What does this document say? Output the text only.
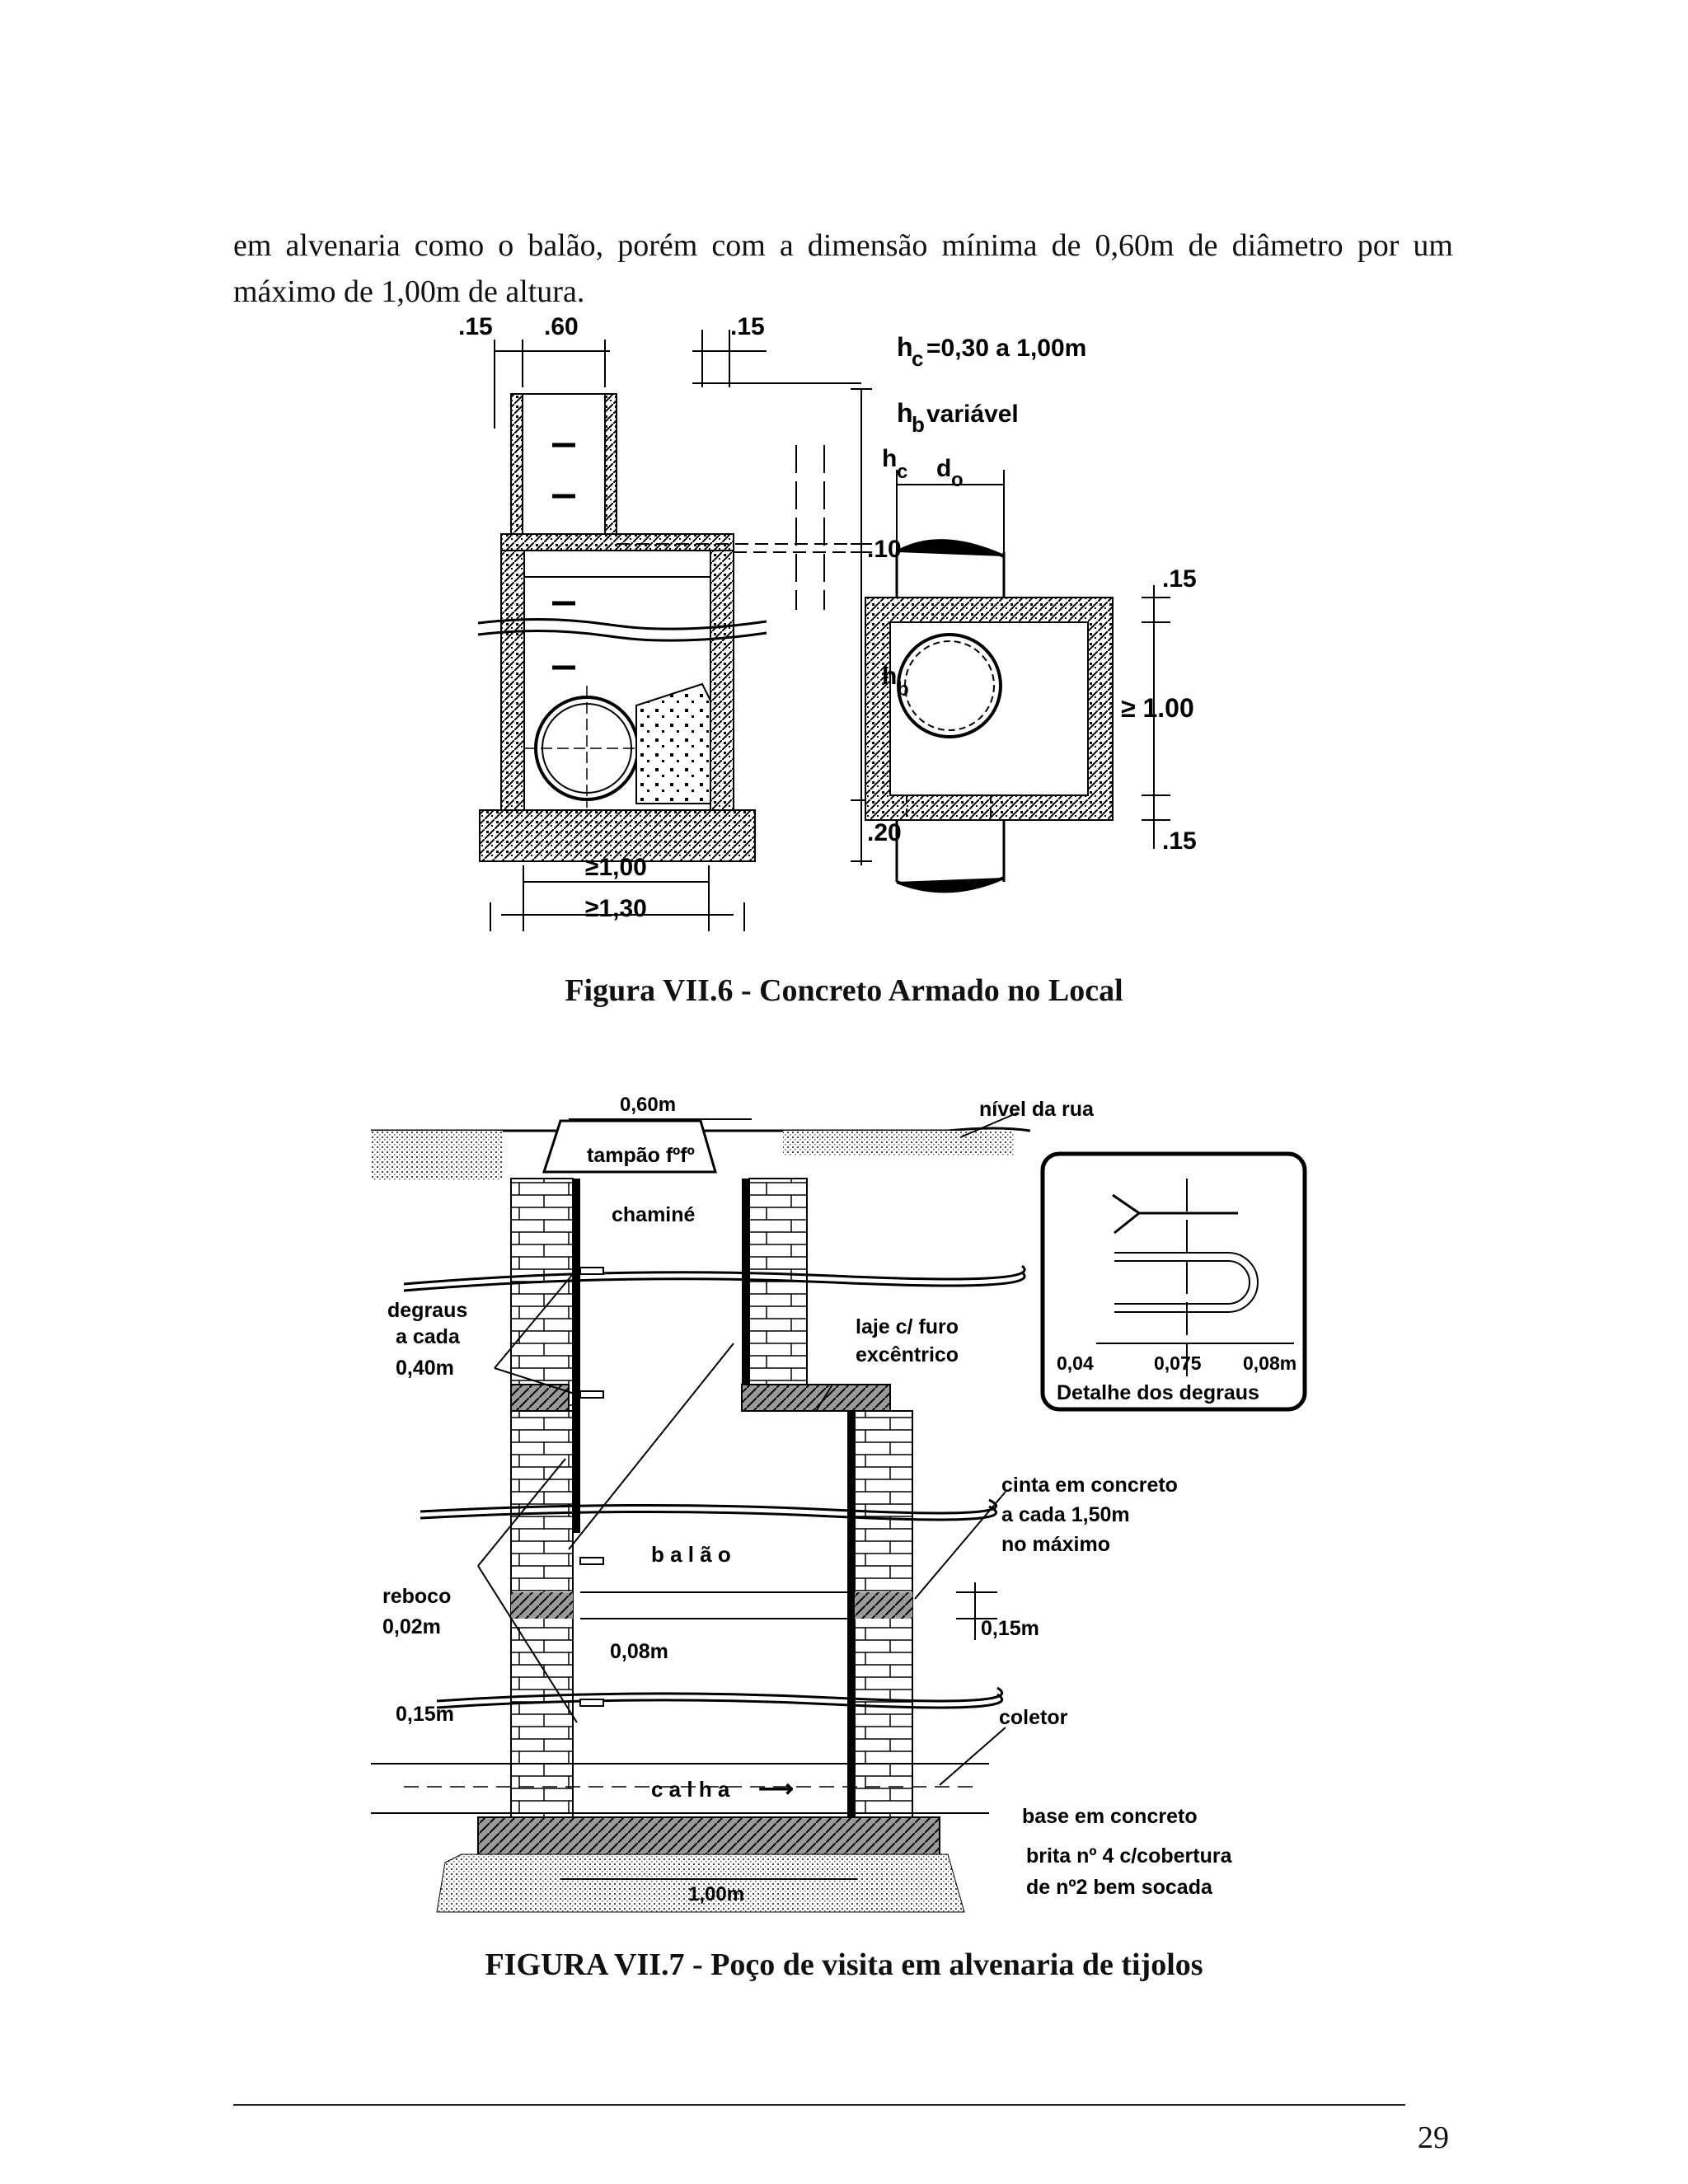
em alvenaria como o balão, porém com a dimensão mínima de 0,60m de diâmetro por um máximo de 1,00m de altura.

.15 .60	.15
h
c =0,30 a 1,00m
h
b variável
h c
.10
h b
.20
≥1,00
≥1,30
d o
.15
≥ 1.00
.15
Figura VII.6 - Concreto Armado no Local
0,60m	nível da rua
tampão fºfº
chaminé
degraus
a cada
0,40m
laje c/ furo
excêntrico
cinta em concreto
a cada 1,50m
no máximo
b a l ã o
reboco
0,02m
0,08m
0,15m
0,15m	coletor
c a l h a ⟶
base em concreto
brita nº 4 c/cobertura
de nº2 bem socada
1,00m
0,04	0,075 0,08m
Detalhe dos degraus
FIGURA VII.7 - Poço de visita em alvenaria de tijolos
29
